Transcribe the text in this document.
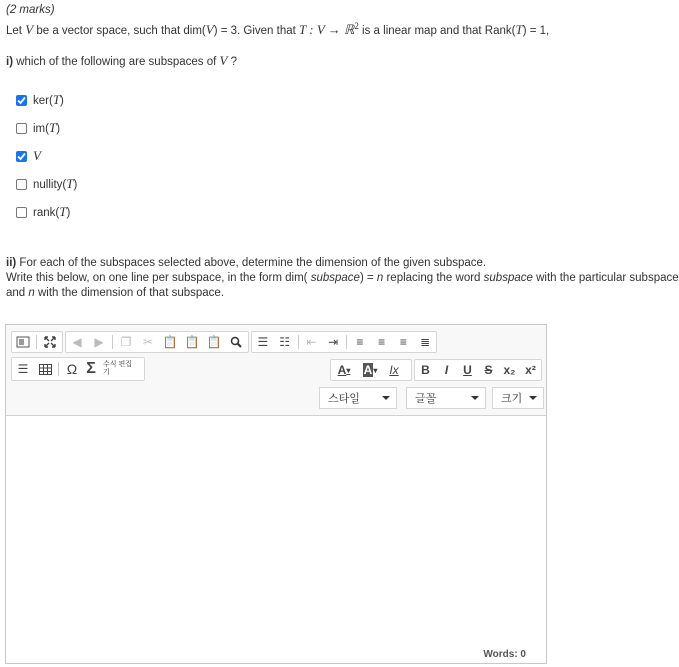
(2 marks)
Let V be a vector space, such that dim(V) = 3. Given that T : V → ℝ$^2$ is a linear map and that Rank(T) = 1,
i) which of the following are subspaces of V ?
ker(T)
im(T)
V
nullity(T)
rank(T)
ii) For each of the subspaces selected above, determine the dimension of the given subspace.
Write this below, on one line per subspace, in the form dim( subspace) = n replacing the word subspace with the particular subspace
and n with the dimension of that subspace.
◀	▶	❐ ✂ 📋 📋 📋	☰ ☷	⇤ ⇥	≡	≡	≡	≣
☰	Ω Σ	수식 편집
기	A ▾ A ▾ Ix	B	I	U	S x₂ x²
스타일	글꼴	크기
Words: 0
